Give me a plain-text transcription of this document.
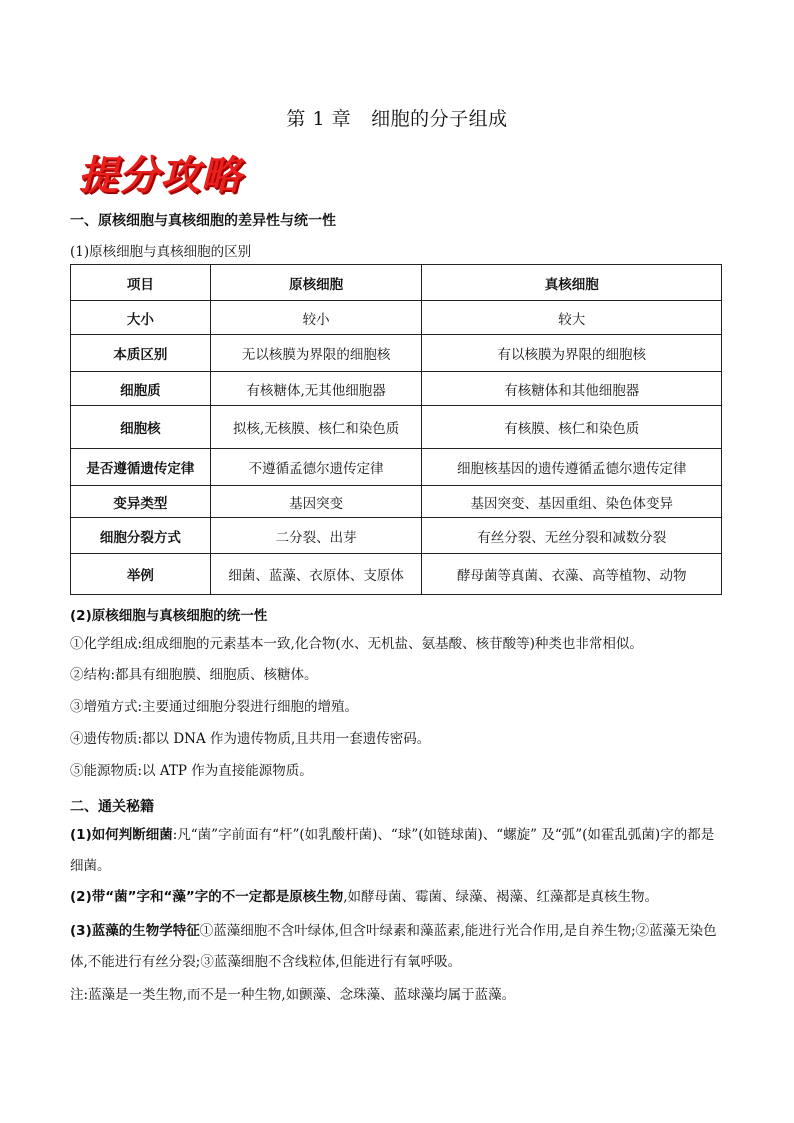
第 1 章 细胞的分子组成
提分攻略
一、原核细胞与真核细胞的差异性与统一性
(1)原核细胞与真核细胞的区别
项目	原核细胞	真核细胞
大小	较小	较大
本质区别	无以核膜为界限的细胞核	有以核膜为界限的细胞核
细胞质	有核糖体,无其他细胞器	有核糖体和其他细胞器
细胞核	拟核,无核膜、核仁和染色质	有核膜、核仁和染色质
是否遵循遗传定律	不遵循孟德尔遗传定律	细胞核基因的遗传遵循孟德尔遗传定律
变异类型	基因突变	基因突变、基因重组、染色体变异
细胞分裂方式	二分裂、出芽	有丝分裂、无丝分裂和减数分裂
举例	细菌、蓝藻、衣原体、支原体	酵母菌等真菌、衣藻、高等植物、动物
(2)原核细胞与真核细胞的统一性
①化学组成:组成细胞的元素基本一致,化合物(水、无机盐、氨基酸、核苷酸等)种类也非常相似。
②结构:都具有细胞膜、细胞质、核糖体。
③增殖方式:主要通过细胞分裂进行细胞的增殖。
④遗传物质:都以 DNA 作为遗传物质,且共用一套遗传密码。
⑤能源物质:以 ATP 作为直接能源物质。
二、通关秘籍
(1)如何判断细菌:凡“菌”字前面有“杆”(如乳酸杆菌)、“球”(如链球菌)、“螺旋” 及“弧”(如霍乱弧菌)字的都是细菌。
(2)带“菌”字和“藻”字的不一定都是原核生物,如酵母菌、霉菌、绿藻、褐藻、红藻都是真核生物。
(3)蓝藻的生物学特征①蓝藻细胞不含叶绿体,但含叶绿素和藻蓝素,能进行光合作用,是自养生物;②蓝藻无染色体,不能进行有丝分裂;③蓝藻细胞不含线粒体,但能进行有氧呼吸。
注:蓝藻是一类生物,而不是一种生物,如颤藻、念珠藻、蓝球藻均属于蓝藻。
